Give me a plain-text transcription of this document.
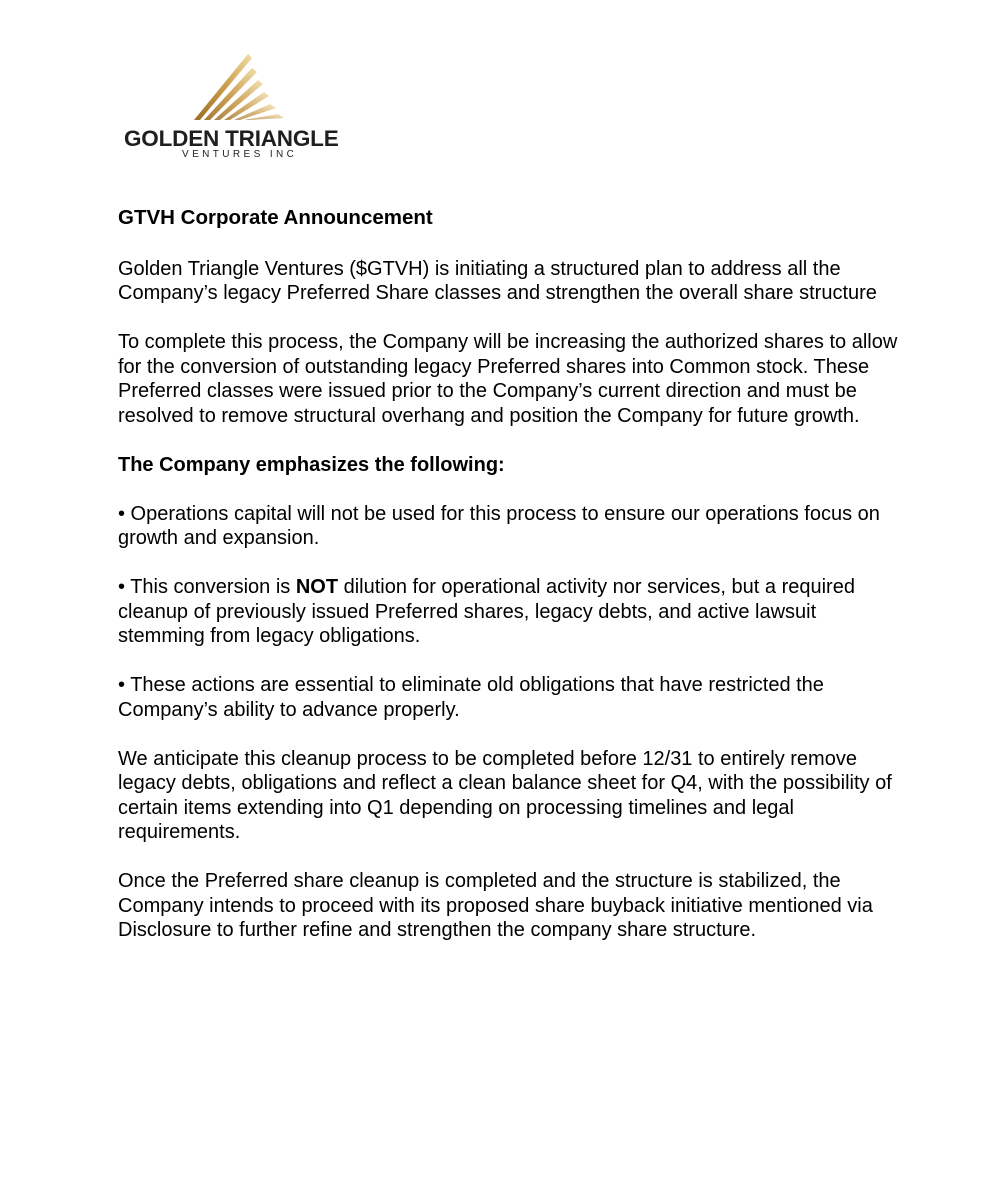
GOLDEN TRIANGLE
VENTURES INC

GTVH Corporate Announcement

Golden Triangle Ventures ($GTVH) is initiating a structured plan to address all the Company’s legacy Preferred Share classes and strengthen the overall share structure

To complete this process, the Company will be increasing the authorized shares to allow for the conversion of outstanding legacy Preferred shares into Common stock. These Preferred classes were issued prior to the Company’s current direction and must be resolved to remove structural overhang and position the Company for future growth.

The Company emphasizes the following:

• Operations capital will not be used for this process to ensure our operations focus on growth and expansion.

• This conversion is NOT dilution for operational activity nor services, but a required cleanup of previously issued Preferred shares, legacy debts, and active lawsuit stemming from legacy obligations.

• These actions are essential to eliminate old obligations that have restricted the Company’s ability to advance properly.

We anticipate this cleanup process to be completed before 12/31 to entirely remove legacy debts, obligations and reflect a clean balance sheet for Q4, with the possibility of certain items extending into Q1 depending on processing timelines and legal requirements.

Once the Preferred share cleanup is completed and the structure is stabilized, the Company intends to proceed with its proposed share buyback initiative mentioned via Disclosure to further refine and strengthen the company share structure.
